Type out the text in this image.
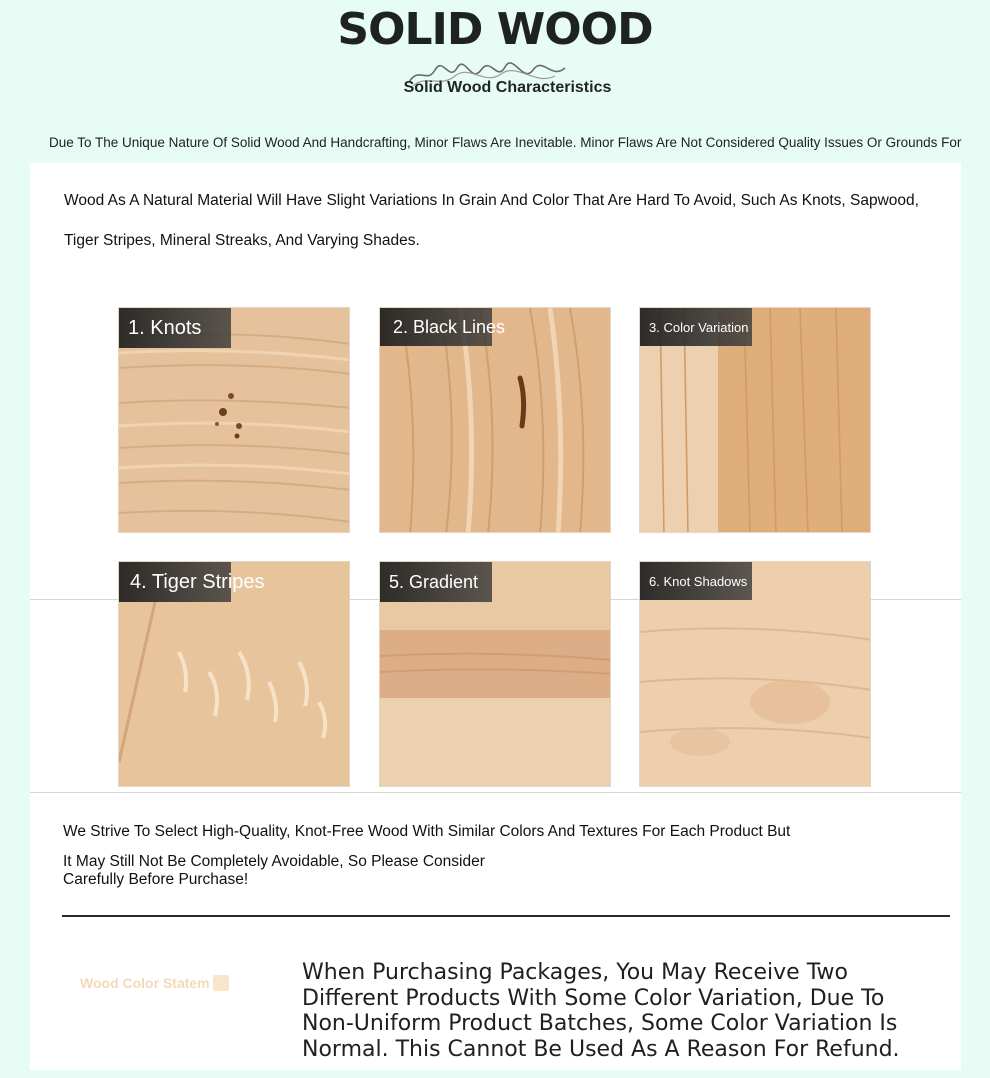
SOLID WOOD
Solid Wood Characteristics
Due To The Unique Nature Of Solid Wood And Handcrafting, Minor Flaws Are Inevitable. Minor Flaws Are Not Considered Quality Issues Or Grounds For
Wood As A Natural Material Will Have Slight Variations In Grain And Color That Are Hard To Avoid, Such As Knots, Sapwood,
Tiger Stripes, Mineral Streaks, And Varying Shades.
1. Knots	2. Black Lines	3. Color Variation
4. Tiger Stripes	5. Gradient	6. Knot Shadows

We Strive To Select High-Quality, Knot-Free Wood With Similar Colors And Textures For Each Product But

It May Still Not Be Completely Avoidable, So Please Consider

Carefully Before Purchase!

Wood Color Statem	When Purchasing Packages, You May Receive Two Different Products With Some Color Variation, Due To Non-Uniform Product Batches, Some Color Variation Is Normal. This Cannot Be Used As A Reason For Refund.
